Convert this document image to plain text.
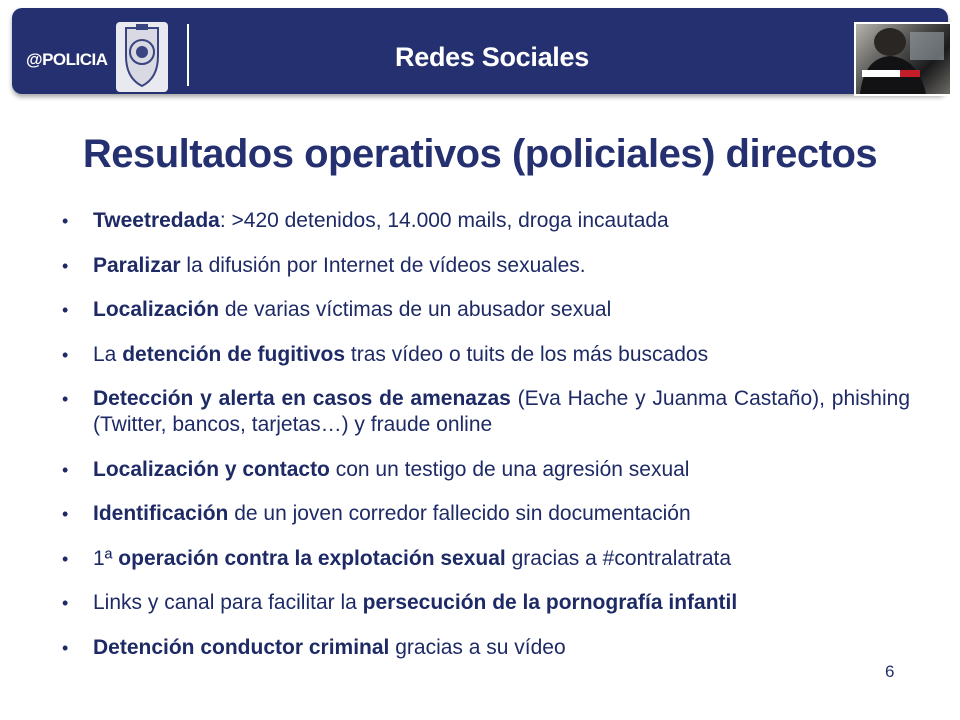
@POLICIA	Redes Sociales
Resultados operativos (policiales) directos
• Tweetredada: >420 detenidos, 14.000 mails, droga incautada
• Paralizar la difusión por Internet de vídeos sexuales.
• Localización de varias víctimas de un abusador sexual
• La detención de fugitivos tras vídeo o tuits de los más buscados
• Detección y alerta en casos de amenazas (Eva Hache y Juanma Castaño), phishing (Twitter, bancos, tarjetas…) y fraude online
• Localización y contacto con un testigo de una agresión sexual
• Identificación de un joven corredor fallecido sin documentación
• 1ª operación contra la explotación sexual gracias a #contralatrata
• Links y canal para facilitar la persecución de la pornografía infantil
• Detención conductor criminal gracias a su vídeo
6
